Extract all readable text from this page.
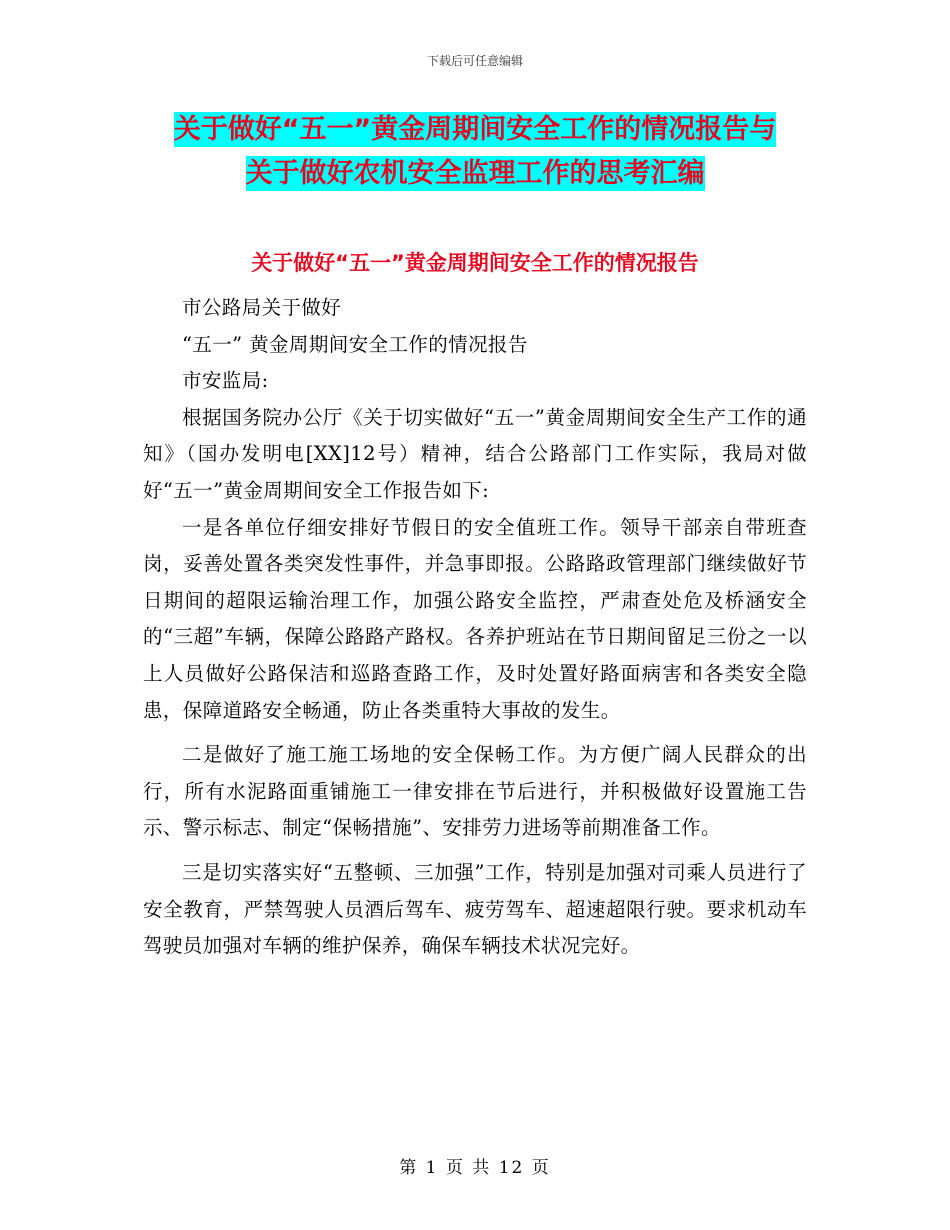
下载后可任意编辑
关于做好“五一”黄金周期间安全工作的情况报告与
关于做好农机安全监理工作的思考汇编
关于做好“五一”黄金周期间安全工作的情况报告

市公路局关于做好

“五一” 黄金周期间安全工作的情况报告

市安监局:

根据国务院办公厅《关于切实做好“五一”黄金周期间安全生产工作的通知》（国办发明电[XX]12号）精神，结合公路部门工作实际，我局对做好“五一”黄金周期间安全工作报告如下:

一是各单位仔细安排好节假日的安全值班工作。领导干部亲自带班查岗，妥善处置各类突发性事件，并急事即报。公路路政管理部门继续做好节日期间的超限运输治理工作，加强公路安全监控，严肃查处危及桥涵安全的“三超”车辆，保障公路路产路权。各养护班站在节日期间留足三份之一以上人员做好公路保洁和巡路查路工作，及时处置好路面病害和各类安全隐患，保障道路安全畅通，防止各类重特大事故的发生。

二是做好了施工施工场地的安全保畅工作。为方便广阔人民群众的出行，所有水泥路面重铺施工一律安排在节后进行，并积极做好设置施工告示、警示标志、制定“保畅措施”、安排劳力进场等前期准备工作。

三是切实落实好“五整顿、三加强”工作，特别是加强对司乘人员进行了安全教育，严禁驾驶人员酒后驾车、疲劳驾车、超速超限行驶。要求机动车驾驶员加强对车辆的维护保养，确保车辆技术状况完好。

第 1 页 共 12 页
